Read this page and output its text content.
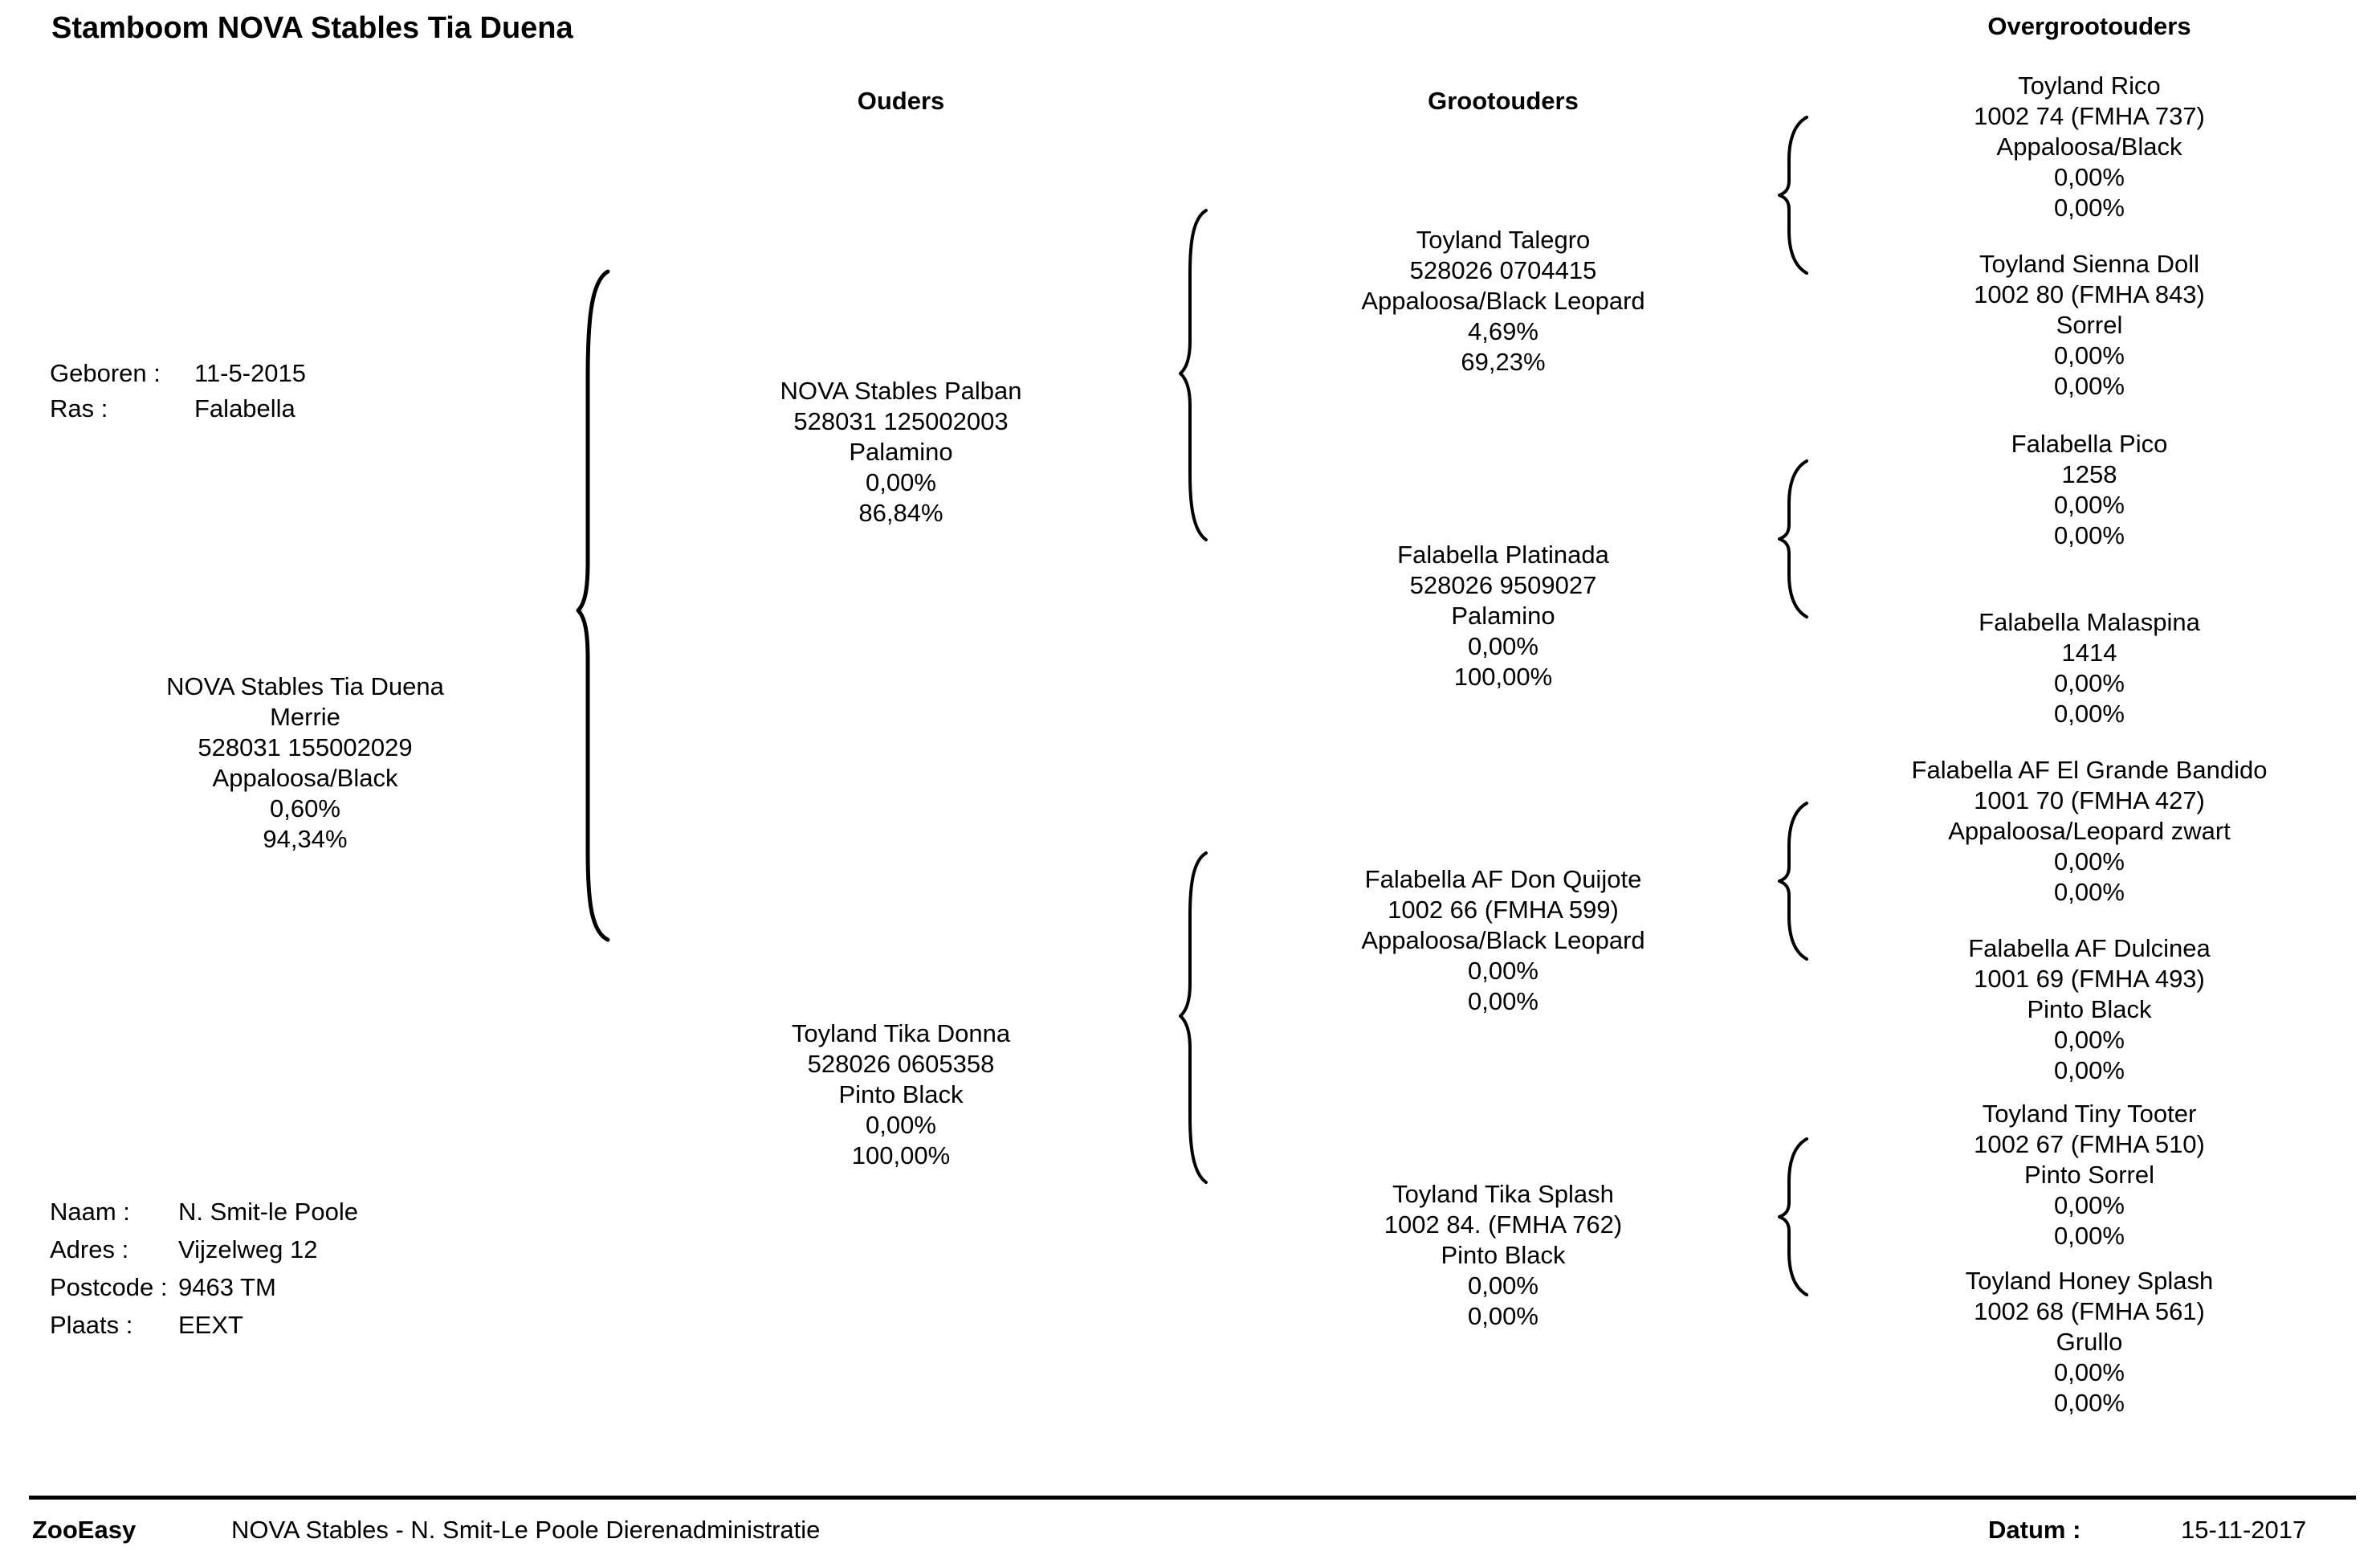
Stamboom NOVA Stables Tia Duena
Ouders	Grootouders
Overgrootouders
Geboren : 11-5-2015
Ras :	Falabella
NOVA Stables Tia Duena
Merrie
528031 155002029
Appaloosa/Black
0,60%
94,34%
NOVA Stables Palban
528031 125002003
Palamino
0,00%
86,84%
Toyland Tika Donna
528026 0605358
Pinto Black
0,00%
100,00%
Toyland Talegro
528026 0704415
Appaloosa/Black Leopard
4,69%
69,23%
Falabella Platinada
528026 9509027
Palamino
0,00%
100,00%
Falabella AF Don Quijote
1002 66 (FMHA 599)
Appaloosa/Black Leopard
0,00%
0,00%
Toyland Tika Splash
1002 84. (FMHA 762)
Pinto Black
0,00%
0,00%
Toyland Rico
1002 74 (FMHA 737)
Appaloosa/Black
0,00%
0,00%
Toyland Sienna Doll
1002 80 (FMHA 843)
Sorrel
0,00%
0,00%
Falabella Pico
1258
0,00%
0,00%
Falabella Malaspina
1414
0,00%
0,00%
Falabella AF El Grande Bandido
1001 70 (FMHA 427)
Appaloosa/Leopard zwart
0,00%
0,00%
Falabella AF Dulcinea
1001 69 (FMHA 493)
Pinto Black
0,00%
0,00%
Toyland Tiny Tooter
1002 67 (FMHA 510)
Pinto Sorrel
0,00%
0,00%
Toyland Honey Splash
1002 68 (FMHA 561)
Grullo
0,00%
0,00%
Naam : N. Smit-le Poole
Adres : Vijzelweg 12
Postcode : 9463 TM
Plaats : EEXT
ZooEasy	NOVA Stables - N. Smit-Le Poole Dierenadministratie	Datum :	15-11-2017
